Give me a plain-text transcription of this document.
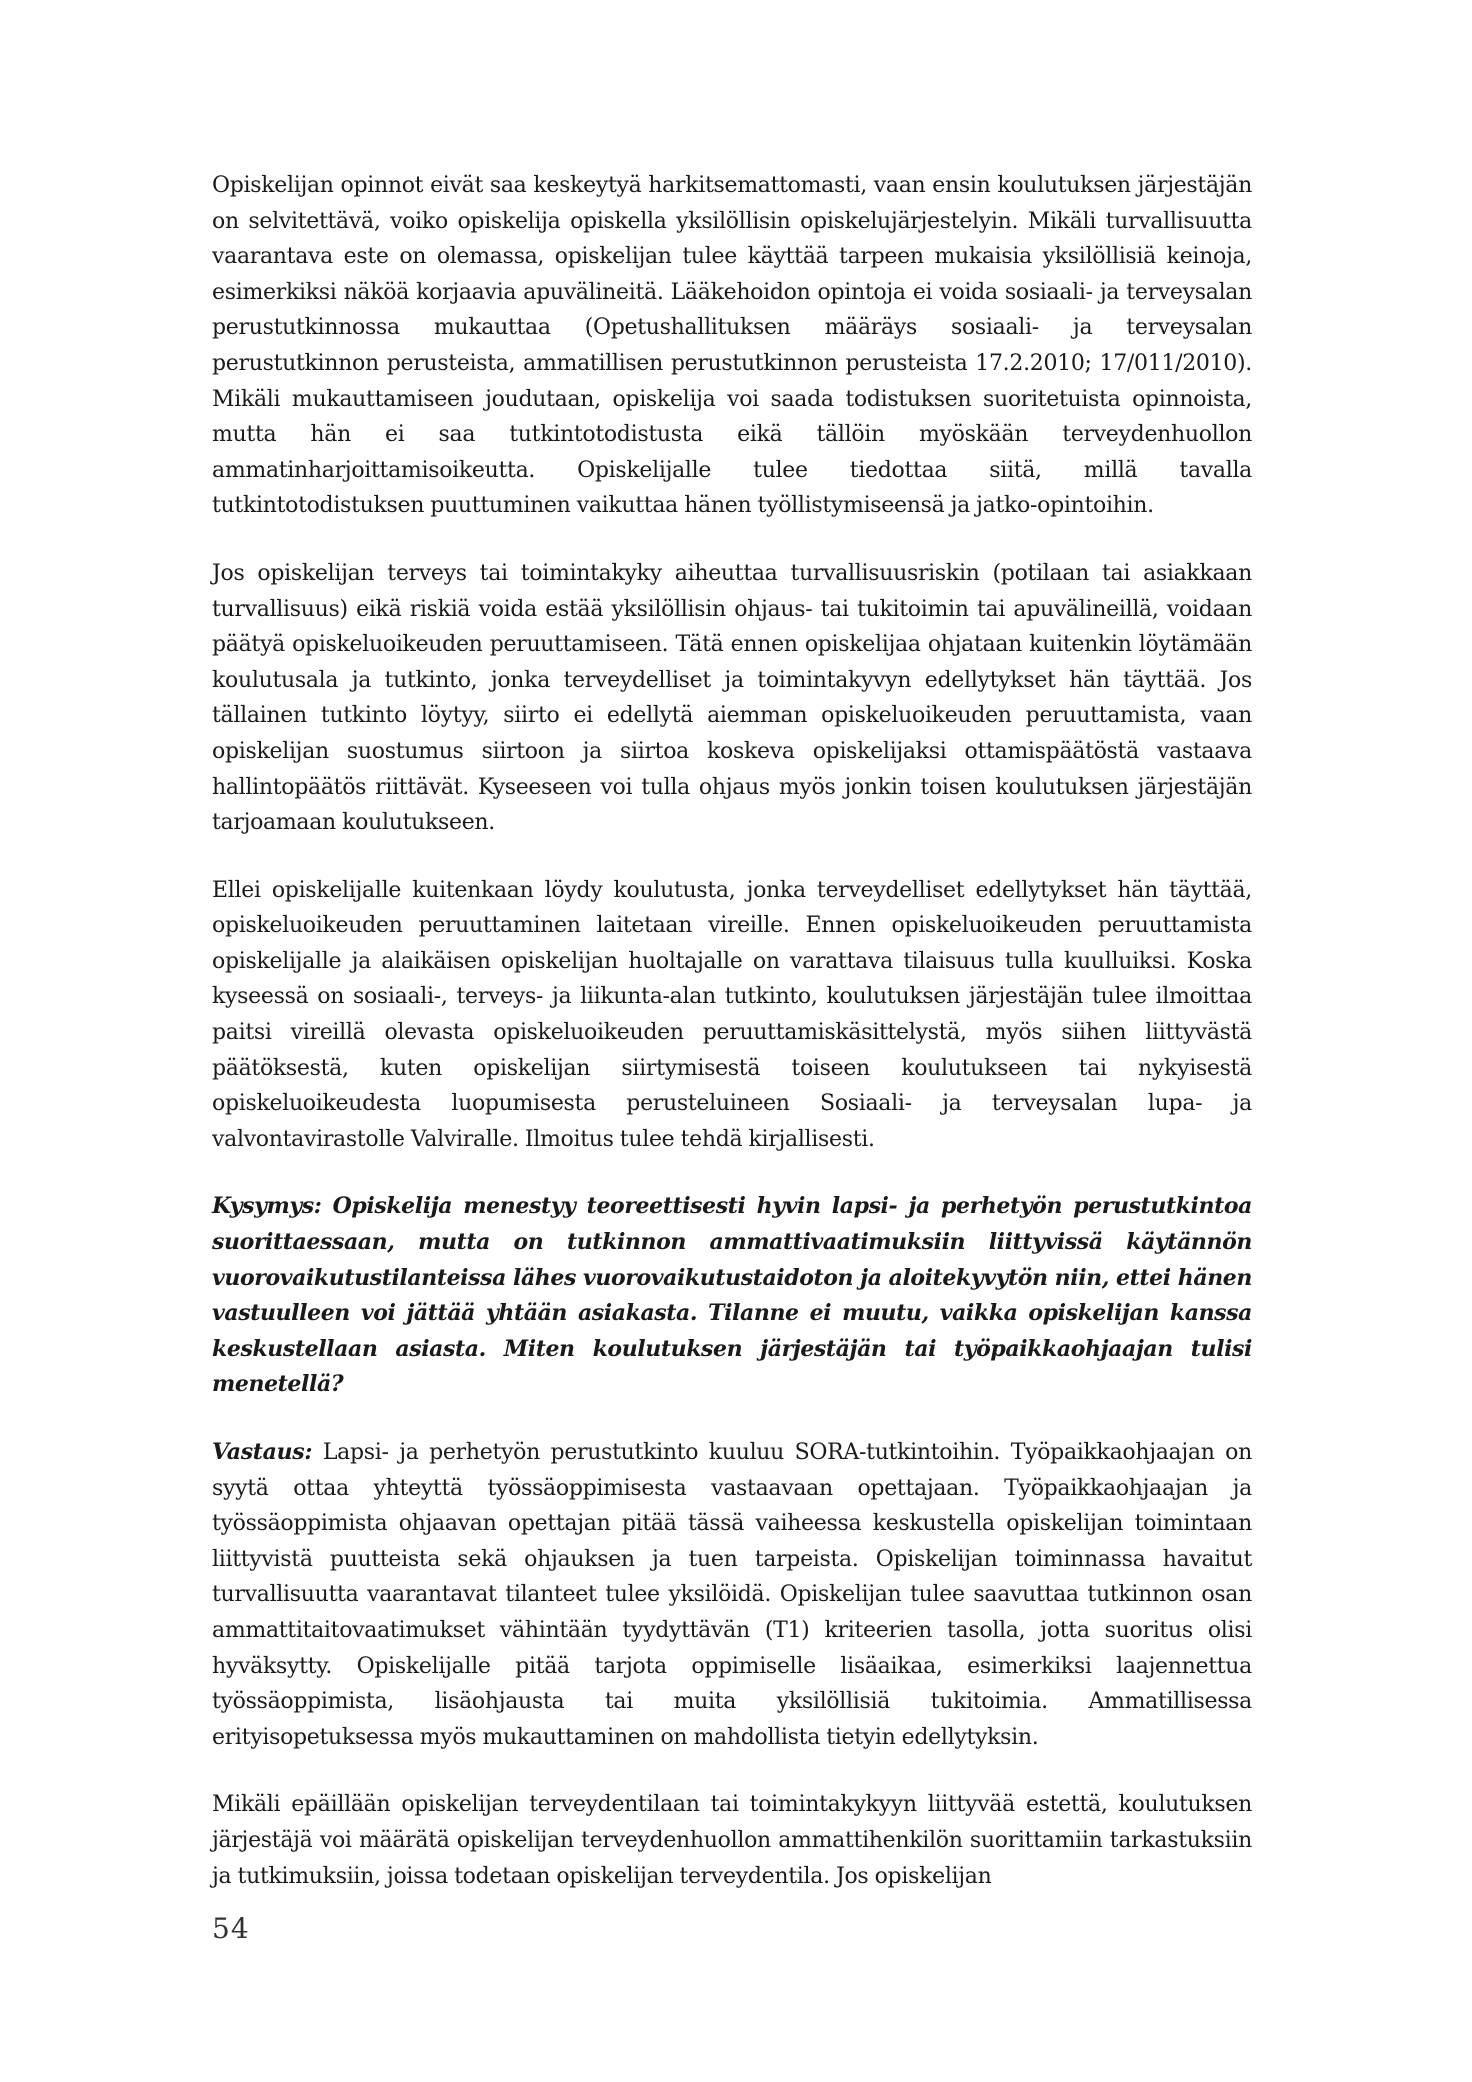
Opiskelijan opinnot eivät saa keskeytyä harkitsemattomasti, vaan ensin koulutuksen järjestäjän on selvitettävä, voiko opiskelija opiskella yksilöllisin opiskelujärjestelyin. Mikäli turvallisuutta vaarantava este on olemassa, opiskelijan tulee käyttää tarpeen mukaisia yksilöllisiä keinoja, esimerkiksi näköä korjaavia apuvälineitä. Lääkehoidon opintoja ei voida sosiaali- ja terveysalan perustutkinnossa mukauttaa (Opetushallituksen määräys sosiaali- ja terveysalan perustutkinnon perusteista, ammatillisen perustutkinnon perusteista 17.2.2010; 17/011/2010). Mikäli mukauttamiseen joudutaan, opiskelija voi saada todistuksen suoritetuista opinnoista, mutta hän ei saa tutkintotodistusta eikä tällöin myöskään terveydenhuollon ammatinharjoittamisoikeutta. Opiskelijalle tulee tiedottaa siitä, millä tavalla tutkintotodistuksen puuttuminen vaikuttaa hänen työllistymiseensä ja jatko-opintoihin.

Jos opiskelijan terveys tai toimintakyky aiheuttaa turvallisuusriskin (potilaan tai asiakkaan turvallisuus) eikä riskiä voida estää yksilöllisin ohjaus- tai tukitoimin tai apuvälineillä, voidaan päätyä opiskeluoikeuden peruuttamiseen. Tätä ennen opiskelijaa ohjataan kuitenkin löytämään koulutusala ja tutkinto, jonka terveydelliset ja toimintakyvyn edellytykset hän täyttää. Jos tällainen tutkinto löytyy, siirto ei edellytä aiemman opiskeluoikeuden peruuttamista, vaan opiskelijan suostumus siirtoon ja siirtoa koskeva opiskelijaksi ottamispäätöstä vastaava hallintopäätös riittävät. Kyseeseen voi tulla ohjaus myös jonkin toisen koulutuksen järjestäjän tarjoamaan koulutukseen.

Ellei opiskelijalle kuitenkaan löydy koulutusta, jonka terveydelliset edellytykset hän täyttää, opiskeluoikeuden peruuttaminen laitetaan vireille. Ennen opiskeluoikeuden peruuttamista opiskelijalle ja alaikäisen opiskelijan huoltajalle on varattava tilaisuus tulla kuulluiksi. Koska kyseessä on sosiaali-, terveys- ja liikunta-alan tutkinto, koulutuksen järjestäjän tulee ilmoittaa paitsi vireillä olevasta opiskeluoikeuden peruuttamiskäsittelystä, myös siihen liittyvästä päätöksestä, kuten opiskelijan siirtymisestä toiseen koulutukseen tai nykyisestä opiskeluoikeudesta luopumisesta perusteluineen Sosiaali- ja terveysalan lupa- ja valvontavirastolle Valviralle. Ilmoitus tulee tehdä kirjallisesti.

Kysymys: Opiskelija menestyy teoreettisesti hyvin lapsi- ja perhetyön perustutkintoa suorittaessaan, mutta on tutkinnon ammattivaatimuksiin liittyvissä käytännön vuorovaikutustilanteissa lähes vuorovaikutustaidoton ja aloitekyvytön niin, ettei hänen vastuulleen voi jättää yhtään asiakasta. Tilanne ei muutu, vaikka opiskelijan kanssa keskustellaan asiasta. Miten koulutuksen järjestäjän tai työpaikkaohjaajan tulisi menetellä?

Vastaus: Lapsi- ja perhetyön perustutkinto kuuluu SORA-tutkintoihin. Työpaikkaohjaajan on syytä ottaa yhteyttä työssäoppimisesta vastaavaan opettajaan. Työpaikkaohjaajan ja työssäoppimista ohjaavan opettajan pitää tässä vaiheessa keskustella opiskelijan toimintaan liittyvistä puutteista sekä ohjauksen ja tuen tarpeista. Opiskelijan toiminnassa havaitut turvallisuutta vaarantavat tilanteet tulee yksilöidä. Opiskelijan tulee saavuttaa tutkinnon osan ammattitaitovaatimukset vähintään tyydyttävän (T1) kriteerien tasolla, jotta suoritus olisi hyväksytty. Opiskelijalle pitää tarjota oppimiselle lisäaikaa, esimerkiksi laajennettua työssäoppimista, lisäohjausta tai muita yksilöllisiä tukitoimia. Ammatillisessa erityisopetuksessa myös mukauttaminen on mahdollista tietyin edellytyksin.

Mikäli epäillään opiskelijan terveydentilaan tai toimintakykyyn liittyvää estettä, koulutuksen järjestäjä voi määrätä opiskelijan terveydenhuollon ammattihenkilön suorittamiin tarkastuksiin ja tutkimuksiin, joissa todetaan opiskelijan terveydentila. Jos opiskelijan

54
